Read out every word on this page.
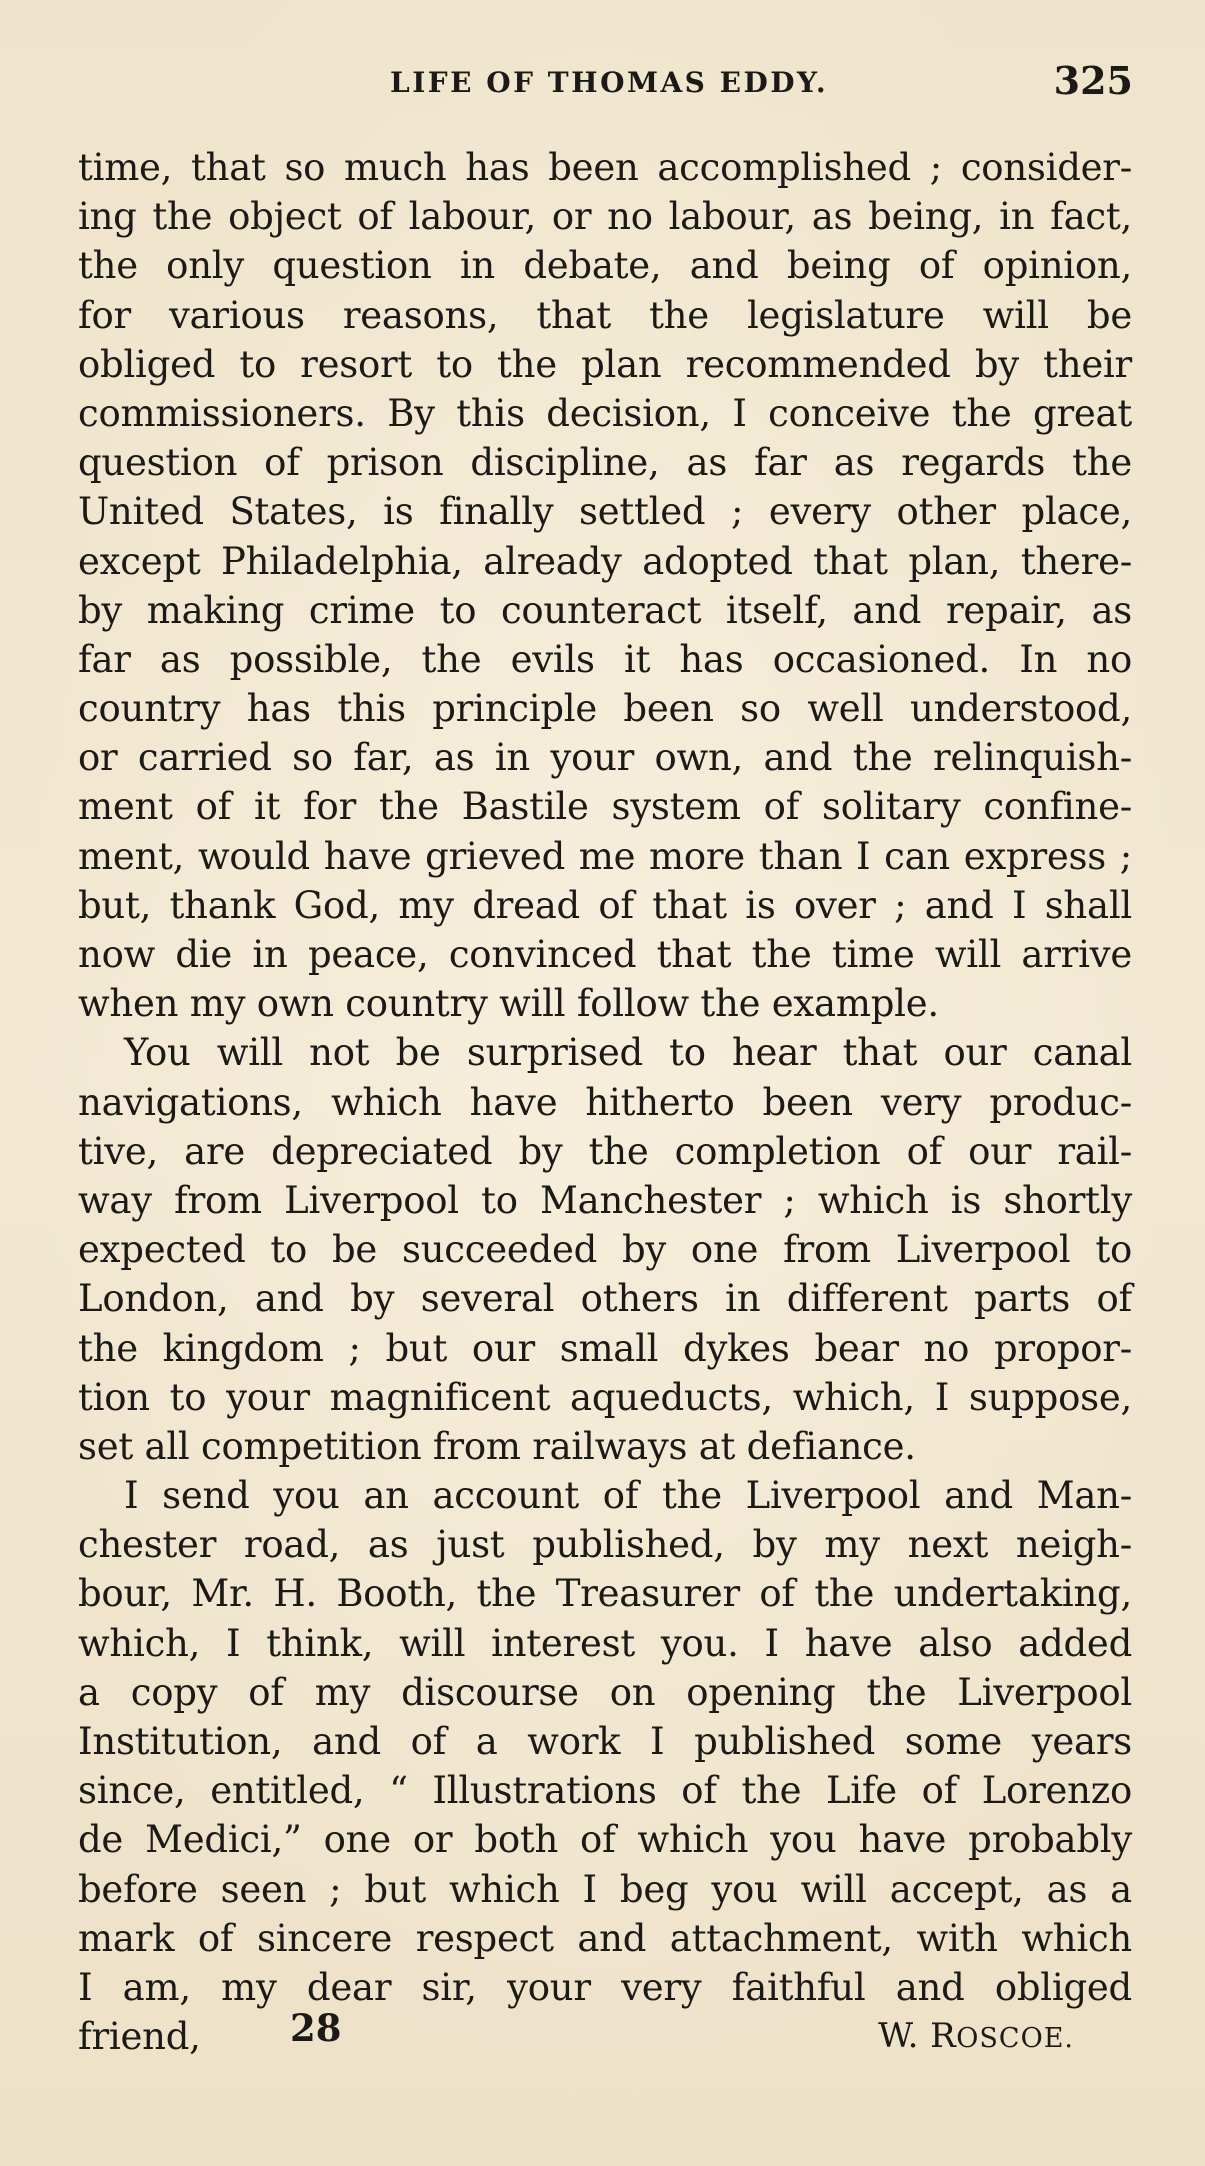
LIFE OF THOMAS EDDY.	325
time, that so much has been accomplished ; consider-
ing the object of labour, or no labour, as being, in fact,
the only question in debate, and being of opinion,
for various reasons, that the legislature will be
obliged to resort to the plan recommended by their
commissioners. By this decision, I conceive the great
question of prison discipline, as far as regards the
United States, is finally settled ; every other place,
except Philadelphia, already adopted that plan, there-
by making crime to counteract itself, and repair, as
far as possible, the evils it has occasioned. In no
country has this principle been so well understood,
or carried so far, as in your own, and the relinquish-
ment of it for the Bastile system of solitary confine-
ment, would have grieved me more than I can express ;
but, thank God, my dread of that is over ; and I shall
now die in peace, convinced that the time will arrive
when my own country will follow the example.
You will not be surprised to hear that our canal
navigations, which have hitherto been very produc-
tive, are depreciated by the completion of our rail-
way from Liverpool to Manchester ; which is shortly
expected to be succeeded by one from Liverpool to
London, and by several others in different parts of
the kingdom ; but our small dykes bear no propor-
tion to your magnificent aqueducts, which, I suppose,
set all competition from railways at defiance.
I send you an account of the Liverpool and Man-
chester road, as just published, by my next neigh-
bour, Mr. H. Booth, the Treasurer of the undertaking,
which, I think, will interest you. I have also added
a copy of my discourse on opening the Liverpool
Institution, and of a work I published some years
since, entitled, “ Illustrations of the Life of Lorenzo
de Medici,” one or both of which you have probably
before seen ; but which I beg you will accept, as a
mark of sincere respect and attachment, with which
I am, my dear sir, your very faithful and obliged
friend,	W. ROSCOE.
28
